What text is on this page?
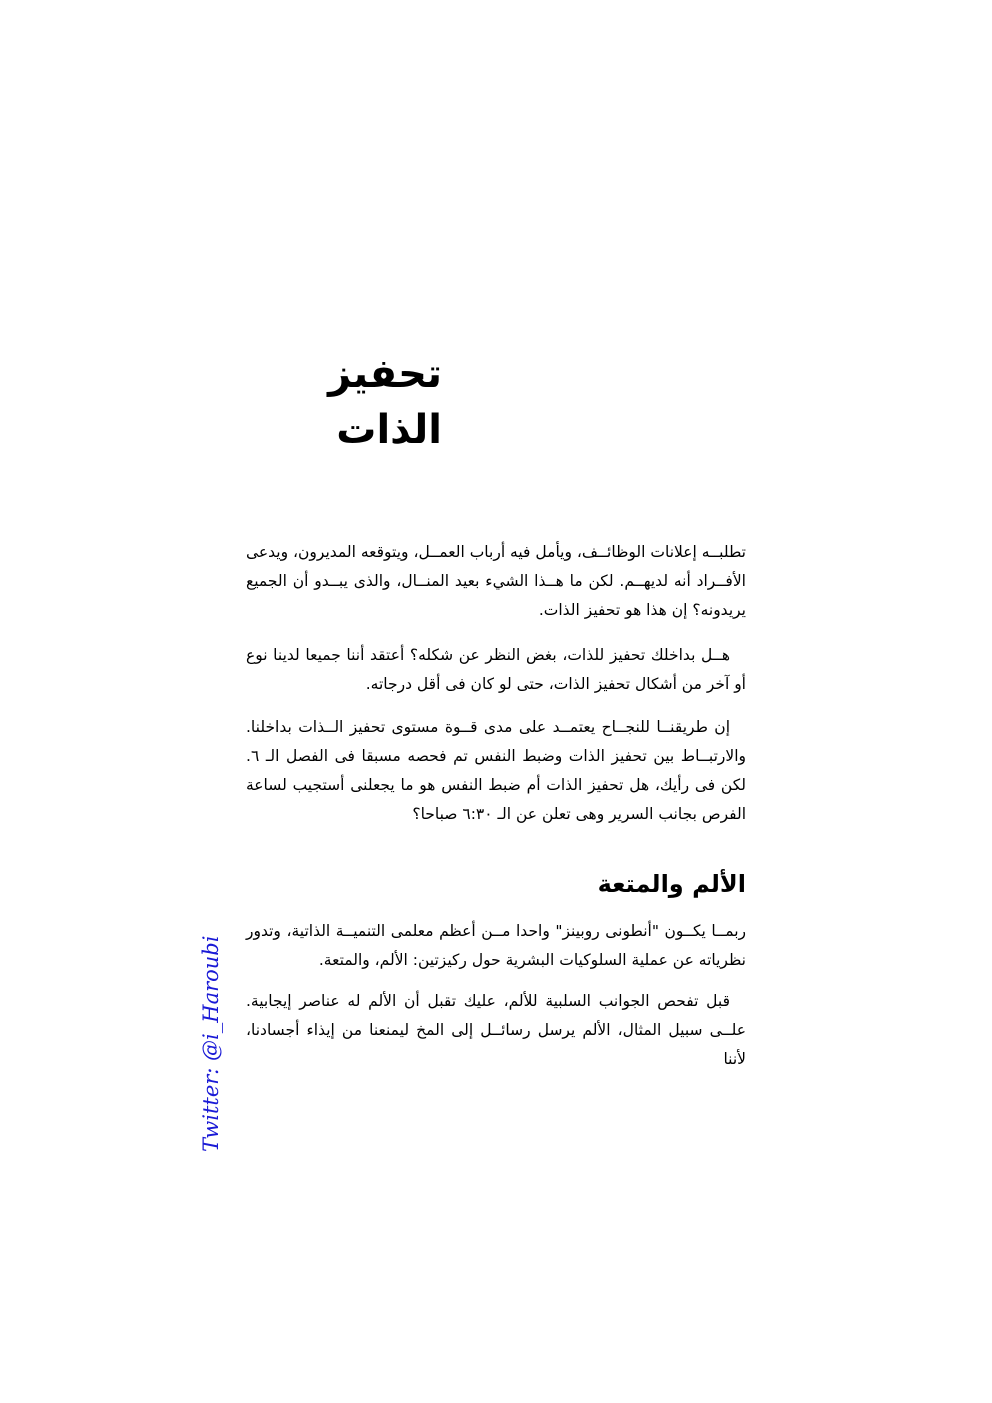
تحفيز الذات

تطلبــه إعلانات الوظائــف، ويأمل فيه أرباب العمــل، ويتوقعه المديرون، ويدعى الأفــراد أنه لديهــم. لكن ما هــذا الشيء بعيد المنــال، والذى يبــدو أن الجميع يريدونه؟ إن هذا هو تحفيز الذات.

هــل بداخلك تحفيز للذات، بغض النظر عن شكله؟ أعتقد أننا جميعا لدينا نوع أو آخر من أشكال تحفيز الذات، حتى لو كان فى أقل درجاته.

إن طريقنــا للنجــاح يعتمــد على مدى قــوة مستوى تحفيز الــذات بداخلنا. والارتبــاط بين تحفيز الذات وضبط النفس تم فحصه مسبقا فى الفصل الـ ٦. لكن فى رأيك، هل تحفيز الذات أم ضبط النفس هو ما يجعلنى أستجيب لساعة الفرص بجانب السرير وهى تعلن عن الـ ٦:٣٠ صباحا؟

الألم والمتعة

ربمــا يكــون "أنطونى روبينز" واحدا مــن أعظم معلمى التنميــة الذاتية، وتدور نظرياته عن عملية السلوكيات البشرية حول ركيزتين: الألم، والمتعة.

قبل تفحص الجوانب السلبية للألم، عليك تقبل أن الألم له عناصر إيجابية. علــى سبيل المثال، الألم يرسل رسائــل إلى المخ ليمنعنا من إيذاء أجسادنا، لأننا

Twitter: @i_Haroubi
